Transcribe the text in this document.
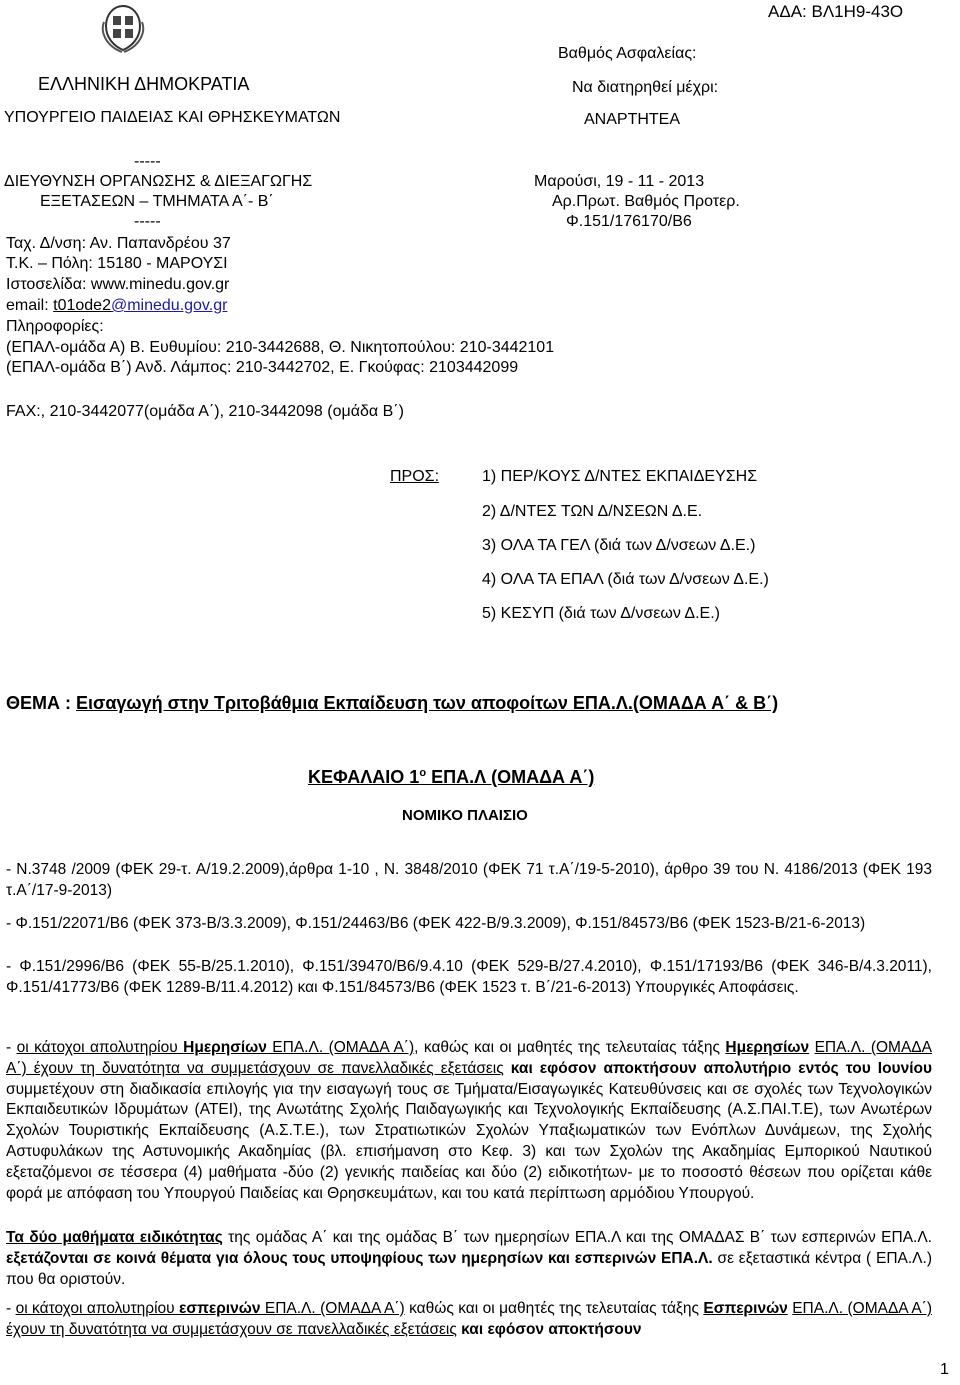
ΑΔΑ: ΒΛ1Η9-43Ο
ΕΛΛΗΝΙΚΗ ΔΗΜΟΚΡΑΤΙΑ
ΥΠΟΥΡΓΕΙΟ ΠΑΙΔΕΙΑΣ ΚΑΙ ΘΡΗΣΚΕΥΜΑΤΩΝ
-----
ΔΙΕΥΘΥΝΣΗ ΟΡΓΑΝΩΣΗΣ & ΔΙΕΞΑΓΩΓΗΣ
ΕΞΕΤΑΣΕΩΝ – ΤΜΗΜΑΤΑ Α΄- Β΄
-----
Ταχ. Δ/νση: Αν. Παπανδρέου 37
Τ.Κ. – Πόλη: 15180 - ΜΑΡΟΥΣΙ
Ιστοσελίδα: www.minedu.gov.gr
email: t01ode2@minedu.gov.gr
Πληροφορίες:
(ΕΠΑΛ-ομάδα Α) Β. Ευθυμίου: 210-3442688, Θ. Νικητοπούλου: 210-3442101
(ΕΠΑΛ-ομάδα Β΄) Ανδ. Λάμπος: 210-3442702, Ε. Γκούφας: 2103442099
FAX:, 210-3442077(ομάδα Α΄), 210-3442098 (ομάδα Β΄)
Βαθμός Ασφαλείας:
Να διατηρηθεί μέχρι:
ΑΝΑΡΤΗΤΕΑ
Μαρούσι, 19 - 11 - 2013
Αρ.Πρωτ. Βαθμός Προτερ.
Φ.151/176170/Β6
ΠΡΟΣ:	1) ΠΕΡ/ΚΟΥΣ Δ/ΝΤΕΣ ΕΚΠΑΙΔΕΥΣΗΣ
2) Δ/ΝΤΕΣ ΤΩΝ Δ/ΝΣΕΩΝ Δ.Ε.
3) ΟΛΑ ΤΑ ΓΕΛ (διά των Δ/νσεων Δ.Ε.)
4) ΟΛΑ ΤΑ ΕΠΑΛ (διά των Δ/νσεων Δ.Ε.)
5) ΚΕΣΥΠ (διά των Δ/νσεων Δ.Ε.)
ΘΕΜΑ : Εισαγωγή στην Τριτοβάθμια Εκπαίδευση των αποφοίτων ΕΠΑ.Λ.(ΟΜΑΔΑ Α΄ & Β΄)
ΚΕΦΑΛΑΙΟ $1^o$ ΕΠΑ.Λ (ΟΜΑΔΑ Α΄)
ΝΟΜΙΚΟ ΠΛΑΙΣΙΟ

- Ν.3748 /2009 (ΦΕΚ 29-τ. Α/19.2.2009),άρθρα 1-10 , Ν. 3848/2010 (ΦΕΚ 71 τ.Α΄/19-5-2010), άρθρο 39 του Ν. 4186/2013 (ΦΕΚ 193 τ.Α΄/17-9-2013)

- Φ.151/22071/Β6 (ΦΕΚ 373-Β/3.3.2009), Φ.151/24463/Β6 (ΦΕΚ 422-Β/9.3.2009), Φ.151/84573/Β6 (ΦΕΚ 1523-Β/21-6-2013)

- Φ.151/2996/Β6 (ΦΕΚ 55-Β/25.1.2010), Φ.151/39470/Β6/9.4.10 (ΦΕΚ 529-Β/27.4.2010), Φ.151/17193/Β6 (ΦΕΚ 346-Β/4.3.2011), Φ.151/41773/Β6 (ΦΕΚ 1289-Β/11.4.2012) και Φ.151/84573/Β6 (ΦΕΚ 1523 τ. Β΄/21-6-2013) Υπουργικές Αποφάσεις.

- οι κάτοχοι απολυτηρίου Ημερησίων ΕΠΑ.Λ. (ΟΜΑΔΑ Α΄), καθώς και οι μαθητές της τελευταίας τάξης Ημερησίων ΕΠΑ.Λ. (ΟΜΑΔΑ Α΄) έχουν τη δυνατότητα να συμμετάσχουν σε πανελλαδικές εξετάσεις και εφόσον αποκτήσουν απολυτήριο εντός του Ιουνίου συμμετέχουν στη διαδικασία επιλογής για την εισαγωγή τους σε Τμήματα/Εισαγωγικές Κατευθύνσεις και σε σχολές των Τεχνολογικών Εκπαιδευτικών Ιδρυμάτων (ΑΤΕΙ), της Ανωτάτης Σχολής Παιδαγωγικής και Τεχνολογικής Εκπαίδευσης (Α.Σ.ΠΑΙ.Τ.Ε), των Ανωτέρων Σχολών Τουριστικής Εκπαίδευσης (Α.Σ.Τ.Ε.), των Στρατιωτικών Σχολών Υπαξιωματικών των Ενόπλων Δυνάμεων, της Σχολής Αστυφυλάκων της Αστυνομικής Ακαδημίας (βλ. επισήμανση στο Κεφ. 3) και των Σχολών της Ακαδημίας Εμπορικού Ναυτικού εξεταζόμενοι σε τέσσερα (4) μαθήματα -δύο (2) γενικής παιδείας και δύο (2) ειδικοτήτων- με το ποσοστό θέσεων που ορίζεται κάθε φορά με απόφαση του Υπουργού Παιδείας και Θρησκευμάτων, και του κατά περίπτωση αρμόδιου Υπουργού.

Τα δύο μαθήματα ειδικότητας της ομάδας Α΄ και της ομάδας Β΄ των ημερησίων ΕΠΑ.Λ και της ΟΜΑΔΑΣ Β΄ των εσπερινών ΕΠΑ.Λ. εξετάζονται σε κοινά θέματα για όλους τους υποψηφίους των ημερησίων και εσπερινών ΕΠΑ.Λ. σε εξεταστικά κέντρα ( ΕΠΑ.Λ.) που θα οριστούν.

- οι κάτοχοι απολυτηρίου εσπερινών ΕΠΑ.Λ. (ΟΜΑΔΑ Α΄) καθώς και οι μαθητές της τελευταίας τάξης Εσπερινών ΕΠΑ.Λ. (ΟΜΑΔΑ Α΄) έχουν τη δυνατότητα να συμμετάσχουν σε πανελλαδικές εξετάσεις και εφόσον αποκτήσουν

1
